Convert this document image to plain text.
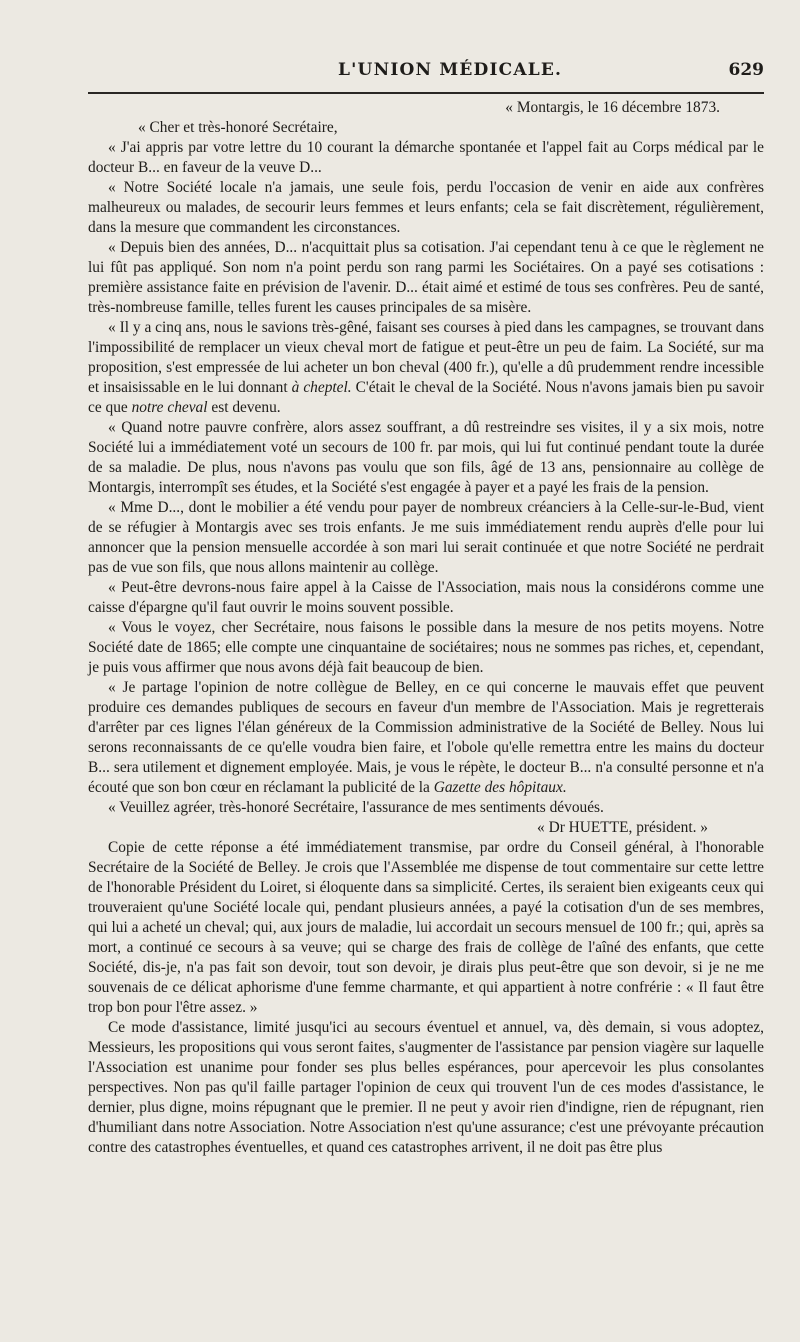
L'UNION MÉDICALE.	629

« Montargis, le 16 décembre 1873.

« Cher et très-honoré Secrétaire,

« J'ai appris par votre lettre du 10 courant la démarche spontanée et l'appel fait au Corps médical par le docteur B... en faveur de la veuve D...

« Notre Société locale n'a jamais, une seule fois, perdu l'occasion de venir en aide aux confrères malheureux ou malades, de secourir leurs femmes et leurs enfants; cela se fait discrètement, régulièrement, dans la mesure que commandent les circonstances.

« Depuis bien des années, D... n'acquittait plus sa cotisation. J'ai cependant tenu à ce que le règlement ne lui fût pas appliqué. Son nom n'a point perdu son rang parmi les Sociétaires. On a payé ses cotisations : première assistance faite en prévision de l'avenir. D... était aimé et estimé de tous ses confrères. Peu de santé, très-nombreuse famille, telles furent les causes principales de sa misère.

« Il y a cinq ans, nous le savions très-gêné, faisant ses courses à pied dans les campagnes, se trouvant dans l'impossibilité de remplacer un vieux cheval mort de fatigue et peut-être un peu de faim. La Société, sur ma proposition, s'est empressée de lui acheter un bon cheval (400 fr.), qu'elle a dû prudemment rendre incessible et insaisissable en le lui donnant à cheptel. C'était le cheval de la Société. Nous n'avons jamais bien pu savoir ce que notre cheval est devenu.

« Quand notre pauvre confrère, alors assez souffrant, a dû restreindre ses visites, il y a six mois, notre Société lui a immédiatement voté un secours de 100 fr. par mois, qui lui fut continué pendant toute la durée de sa maladie. De plus, nous n'avons pas voulu que son fils, âgé de 13 ans, pensionnaire au collège de Montargis, interrompît ses études, et la Société s'est engagée à payer et a payé les frais de la pension.

« Mme D..., dont le mobilier a été vendu pour payer de nombreux créanciers à la Celle-sur-le-Bud, vient de se réfugier à Montargis avec ses trois enfants. Je me suis immédiatement rendu auprès d'elle pour lui annoncer que la pension mensuelle accordée à son mari lui serait continuée et que notre Société ne perdrait pas de vue son fils, que nous allons maintenir au collège.

« Peut-être devrons-nous faire appel à la Caisse de l'Association, mais nous la considérons comme une caisse d'épargne qu'il faut ouvrir le moins souvent possible.

« Vous le voyez, cher Secrétaire, nous faisons le possible dans la mesure de nos petits moyens. Notre Société date de 1865; elle compte une cinquantaine de sociétaires; nous ne sommes pas riches, et, cependant, je puis vous affirmer que nous avons déjà fait beaucoup de bien.

« Je partage l'opinion de notre collègue de Belley, en ce qui concerne le mauvais effet que peuvent produire ces demandes publiques de secours en faveur d'un membre de l'Association. Mais je regretterais d'arrêter par ces lignes l'élan généreux de la Commission administrative de la Société de Belley. Nous lui serons reconnaissants de ce qu'elle voudra bien faire, et l'obole qu'elle remettra entre les mains du docteur B... sera utilement et dignement employée. Mais, je vous le répète, le docteur B... n'a consulté personne et n'a écouté que son bon cœur en réclamant la publicité de la Gazette des hôpitaux.

« Veuillez agréer, très-honoré Secrétaire, l'assurance de mes sentiments dévoués.

« Dr HUETTE, président. »

Copie de cette réponse a été immédiatement transmise, par ordre du Conseil général, à l'honorable Secrétaire de la Société de Belley. Je crois que l'Assemblée me dispense de tout commentaire sur cette lettre de l'honorable Président du Loiret, si éloquente dans sa simplicité. Certes, ils seraient bien exigeants ceux qui trouveraient qu'une Société locale qui, pendant plusieurs années, a payé la cotisation d'un de ses membres, qui lui a acheté un cheval; qui, aux jours de maladie, lui accordait un secours mensuel de 100 fr.; qui, après sa mort, a continué ce secours à sa veuve; qui se charge des frais de collège de l'aîné des enfants, que cette Société, dis-je, n'a pas fait son devoir, tout son devoir, je dirais plus peut-être que son devoir, si je ne me souvenais de ce délicat aphorisme d'une femme charmante, et qui appartient à notre confrérie : « Il faut être trop bon pour l'être assez. »

Ce mode d'assistance, limité jusqu'ici au secours éventuel et annuel, va, dès demain, si vous adoptez, Messieurs, les propositions qui vous seront faites, s'augmenter de l'assistance par pension viagère sur laquelle l'Association est unanime pour fonder ses plus belles espérances, pour apercevoir les plus consolantes perspectives. Non pas qu'il faille partager l'opinion de ceux qui trouvent l'un de ces modes d'assistance, le dernier, plus digne, moins répugnant que le premier. Il ne peut y avoir rien d'indigne, rien de répugnant, rien d'humiliant dans notre Association. Notre Association n'est qu'une assurance; c'est une prévoyante précaution contre des catastrophes éventuelles, et quand ces catastrophes arrivent, il ne doit pas être plus
